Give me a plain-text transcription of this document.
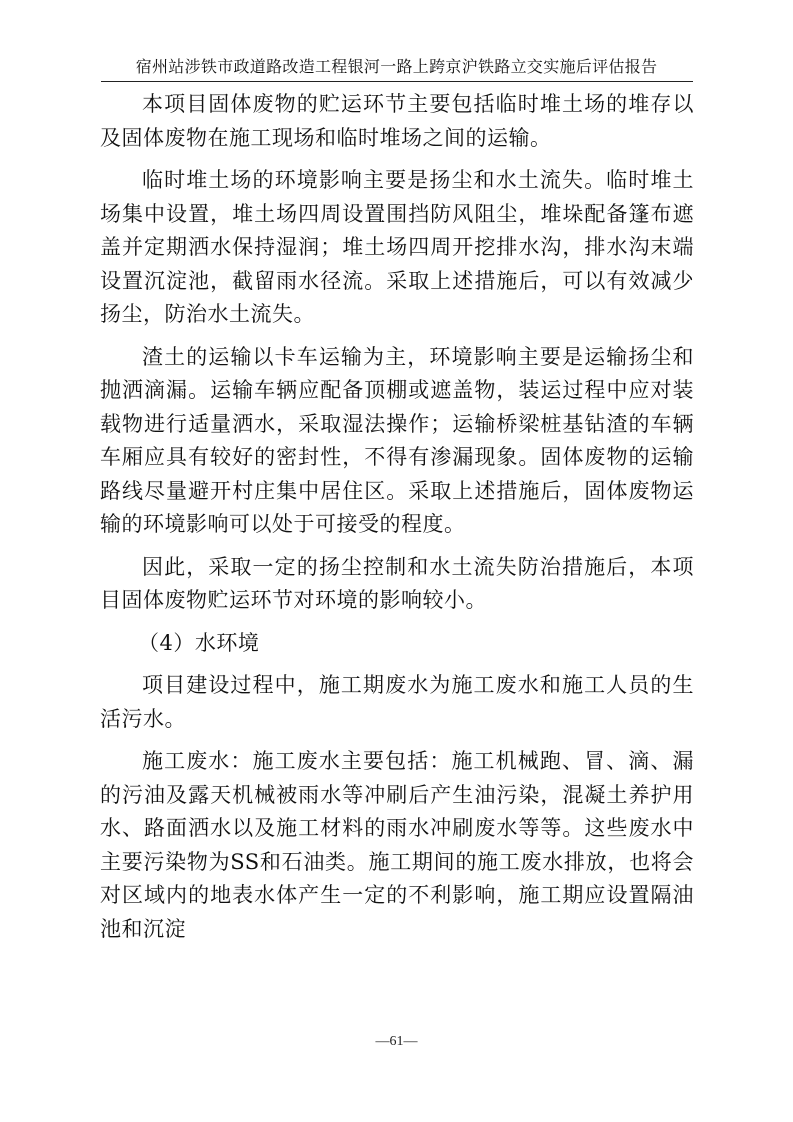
宿州站涉铁市政道路改造工程银河一路上跨京沪铁路立交实施后评估报告

本项目固体废物的贮运环节主要包括临时堆土场的堆存以及固体废物在施工现场和临时堆场之间的运输。

临时堆土场的环境影响主要是扬尘和水土流失。临时堆土场集中设置，堆土场四周设置围挡防风阻尘，堆垛配备篷布遮盖并定期洒水保持湿润；堆土场四周开挖排水沟，排水沟末端设置沉淀池，截留雨水径流。采取上述措施后，可以有效减少扬尘，防治水土流失。

渣土的运输以卡车运输为主，环境影响主要是运输扬尘和抛洒滴漏。运输车辆应配备顶棚或遮盖物，装运过程中应对装载物进行适量洒水，采取湿法操作；运输桥梁桩基钻渣的车辆车厢应具有较好的密封性，不得有渗漏现象。固体废物的运输路线尽量避开村庄集中居住区。采取上述措施后，固体废物运输的环境影响可以处于可接受的程度。

因此，采取一定的扬尘控制和水土流失防治措施后，本项目固体废物贮运环节对环境的影响较小。

（4）水环境

项目建设过程中，施工期废水为施工废水和施工人员的生活污水。

施工废水：施工废水主要包括：施工机械跑、冒、滴、漏的污油及露天机械被雨水等冲刷后产生油污染，混凝土养护用水、路面洒水以及施工材料的雨水冲刷废水等等。这些废水中主要污染物为SS和石油类。施工期间的施工废水排放，也将会对区域内的地表水体产生一定的不利影响，施工期应设置隔油池和沉淀

—61—
